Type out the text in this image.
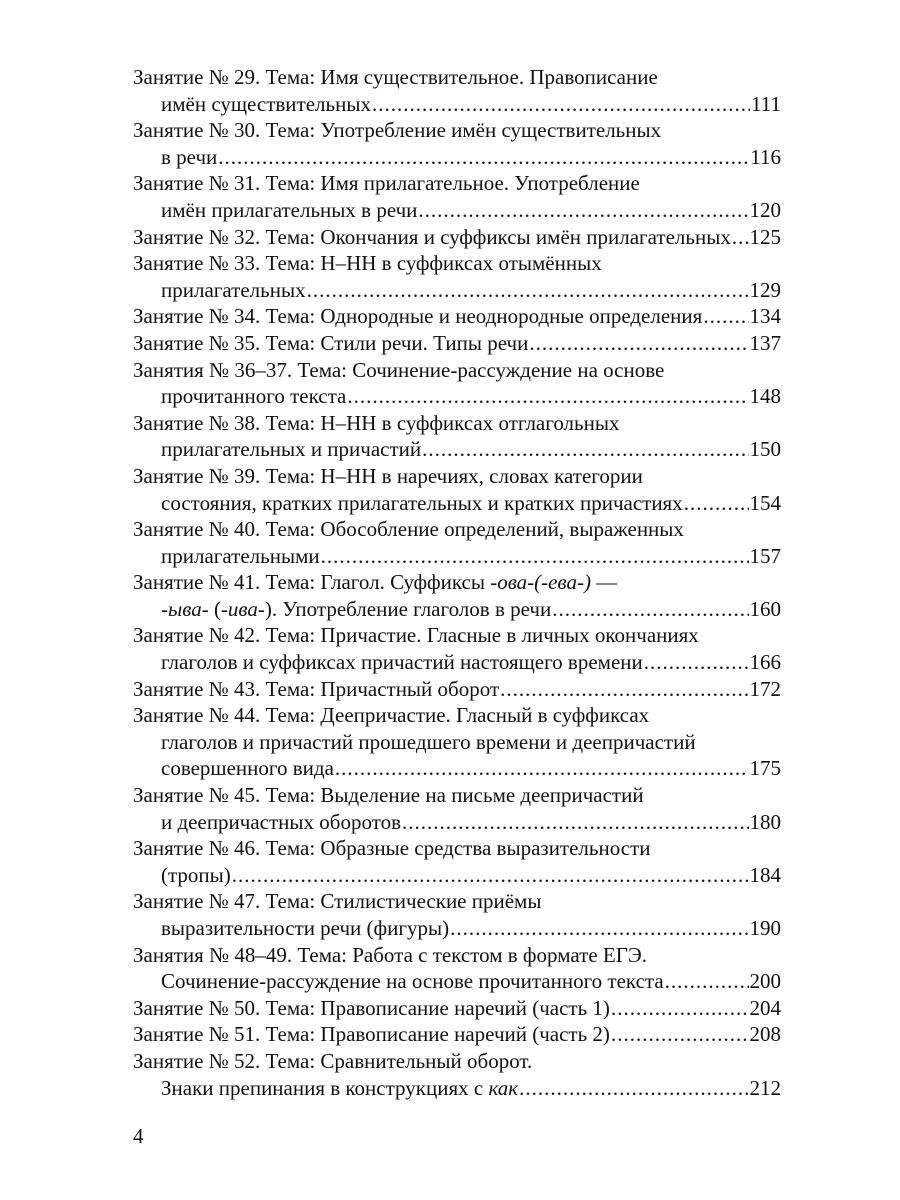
Занятие № 29. Тема: Имя существительное. Правописание
имён существительных .....	111
Занятие № 30. Тема: Употребление имён существительных
в речи .....	116
Занятие № 31. Тема: Имя прилагательное. Употребление
имён прилагательных в речи .....	120
Занятие № 32. Тема: Окончания и суффиксы имён прилагательных ..... 125
Занятие № 33. Тема: Н–НН в суффиксах отымённых
прилагательных .....	129
Занятие № 34. Тема: Однородные и неоднородные определения ..... 134
Занятие № 35. Тема: Стили речи. Типы речи .....	137
Занятия № 36–37. Тема: Сочинение-рассуждение на основе
прочитанного текста .....	148
Занятие № 38. Тема: Н–НН в суффиксах отглагольных
прилагательных и причастий .....	150
Занятие № 39. Тема: Н–НН в наречиях, словах категории
состояния, кратких прилагательных и кратких причастиях .....	154
Занятие № 40. Тема: Обособление определений, выраженных
прилагательными .....	157
Занятие № 41. Тема: Глагол. Суффиксы -ова-(-ева-) —
-ыва- (-ива-). Употребление глаголов в речи .....	160
Занятие № 42. Тема: Причастие. Гласные в личных окончаниях
глаголов и суффиксах причастий настоящего времени .....	166
Занятие № 43. Тема: Причастный оборот .....	172
Занятие № 44. Тема: Деепричастие. Гласный в суффиксах
глаголов и причастий прошедшего времени и деепричастий
совершенного вида .....	175
Занятие № 45. Тема: Выделение на письме деепричастий
и деепричастных оборотов .....	180
Занятие № 46. Тема: Образные средства выразительности
(тропы) .....	184
Занятие № 47. Тема: Стилистические приёмы
выразительности речи (фигуры) .....	190
Занятия № 48–49. Тема: Работа с текстом в формате ЕГЭ.
Сочинение-рассуждение на основе прочитанного текста .....	200
Занятие № 50. Тема: Правописание наречий (часть 1) .....	204
Занятие № 51. Тема: Правописание наречий (часть 2) .....	208
Занятие № 52. Тема: Сравнительный оборот.
Знаки препинания в конструкциях с как .....	212
4
